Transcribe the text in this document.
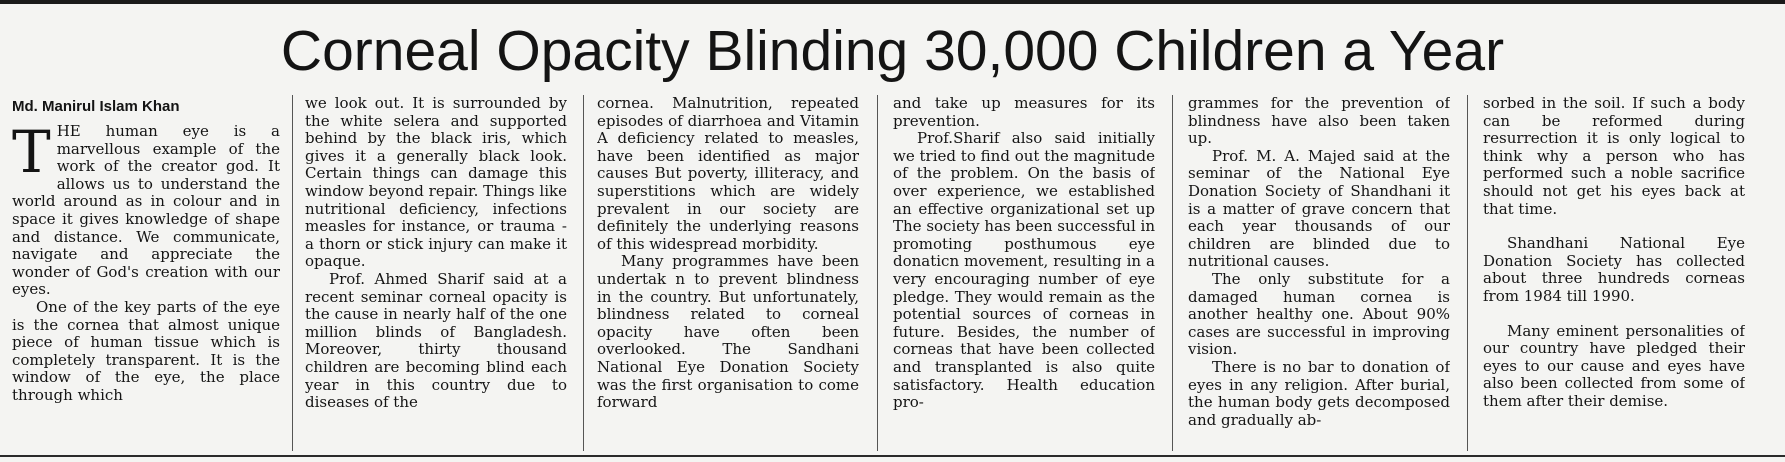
Corneal Opacity Blinding 30,000 Children a Year
Md. Manirul Islam Khan

THE human eye is a marvellous example of the work of the creator god. It allows us to understand the world around as in colour and in space it gives knowledge of shape and distance. We communicate, navigate and appreciate the wonder of God's creation with our eyes.

One of the key parts of the eye is the cornea that almost unique piece of human tissue which is completely transparent. It is the window of the eye, the place through which

we look out. It is surrounded by the white selera and supported behind by the black iris, which gives it a generally black look. Certain things can damage this window beyond repair. Things like nutritional deficiency, infections measles for instance, or trauma - a thorn or stick injury can make it opaque.

Prof. Ahmed Sharif said at a recent seminar corneal opacity is the cause in nearly half of the one million blinds of Bangladesh. Moreover, thirty thousand children are becoming blind each year in this country due to diseases of the

cornea. Malnutrition, repeated episodes of diarrhoea and Vitamin A deficiency related to measles, have been identified as major causes But poverty, illiteracy, and superstitions which are widely prevalent in our society are definitely the underlying reasons of this widespread morbidity.

Many programmes have been undertak n to prevent blindness in the country. But unfortunately, blindness related to corneal opacity have often been overlooked. The Sandhani National Eye Donation Society was the first organisation to come forward

and take up measures for its prevention.

Prof.Sharif also said initially we tried to find out the magnitude of the problem. On the basis of over experience, we established an effective organizational set up The society has been successful in promoting posthumous eye donaticn movement, resulting in a very encouraging number of eye pledge. They would remain as the potential sources of corneas in future. Besides, the number of corneas that have been collected and transplanted is also quite satisfactory. Health education pro-

grammes for the prevention of blindness have also been taken up.

Prof. M. A. Majed said at the seminar of the National Eye Donation Society of Shandhani it is a matter of grave concern that each year thousands of our children are blinded due to nutritional causes.

The only substitute for a damaged human cornea is another healthy one. About 90% cases are successful in improving vision.

There is no bar to donation of eyes in any religion. After burial, the human body gets decomposed and gradually ab-

sorbed in the soil. If such a body can be reformed during resurrection it is only logical to think why a person who has performed such a noble sacrifice should not get his eyes back at that time.

Shandhani National Eye Donation Society has collected about three hundreds corneas from 1984 till 1990.

Many eminent personalities of our country have pledged their eyes to our cause and eyes have also been collected from some of them after their demise.
